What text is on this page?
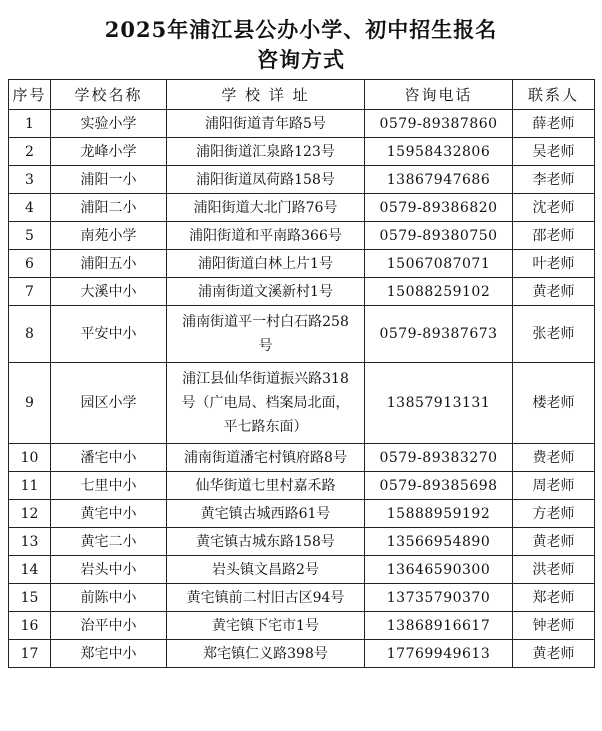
2025年浦江县公办小学、初中招生报名
咨询方式
序号	学校名称	学 校 详 址	咨询电话	联系人
1	实验小学	浦阳街道青年路5号	0579-89387860	薛老师
2	龙峰小学	浦阳街道汇泉路123号	15958432806	吴老师
3	浦阳一小	浦阳街道凤荷路158号	13867947686	李老师
4	浦阳二小	浦阳街道大北门路76号	0579-89386820	沈老师
5	南苑小学	浦阳街道和平南路366号	0579-89380750	邵老师
6	浦阳五小	浦阳街道白林上片1号	15067087071	叶老师
7	大溪中小	浦南街道文溪新村1号	15088259102	黄老师
8	平安中小	浦南街道平一村白石路258号	0579-89387673	张老师
9	园区小学	浦江县仙华街道振兴路318号（广电局、档案局北面，平七路东面）	13857913131	楼老师
10	潘宅中小	浦南街道潘宅村镇府路8号	0579-89383270	费老师
11	七里中小	仙华街道七里村嘉禾路	0579-89385698	周老师
12	黄宅中小	黄宅镇古城西路61号	15888959192	方老师
13	黄宅二小	黄宅镇古城东路158号	13566954890	黄老师
14	岩头中小	岩头镇文昌路2号	13646590300	洪老师
15	前陈中小	黄宅镇前二村旧古区94号	13735790370	郑老师
16	治平中小	黄宅镇下宅市1号	13868916617	钟老师
17	郑宅中小	郑宅镇仁义路398号	17769949613	黄老师
